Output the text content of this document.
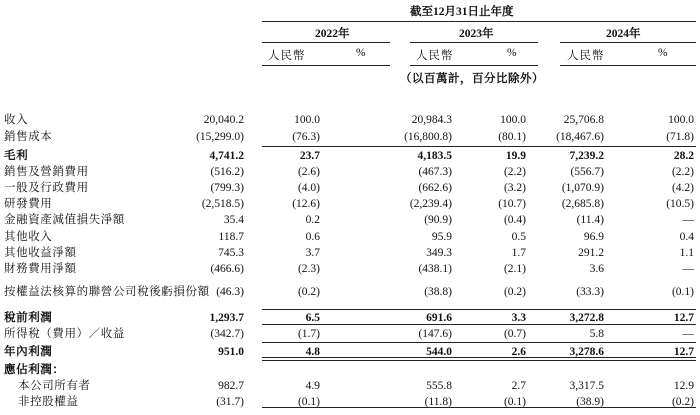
截至12月31日止年度
2022年	2023年	2024年
人民幣	%	人民幣	%	人民幣	%
（以百萬計，百分比除外）
收入	20,040.2	100.0	20,984.3	100.0	25,706.8	100.0
銷售成本	(15,299.0)	(76.3)	(16,800.8)	(80.1)	(18,467.6)	(71.8)
毛利	4,741.2	23.7	4,183.5	19.9	7,239.2	28.2
銷售及營銷費用	(516.2)	(2.6)	(467.3)	(2.2)	(556.7)	(2.2)
一般及行政費用	(799.3)	(4.0)	(662.6)	(3.2)	(1,070.9)	(4.2)
研發費用	(2,518.5)	(12.6)	(2,239.4)	(10.7)	(2,685.8)	(10.5)
金融資產減值損失淨額	35.4	0.2	(90.9)	(0.4)	(11.4)	—
其他收入	118.7	0.6	95.9	0.5	96.9	0.4
其他收益淨額	745.3	3.7	349.3	1.7	291.2	1.1
財務費用淨額	(466.6)	(2.3)	(438.1)	(2.1)	3.6	—
按權益法核算的聯營公司稅後虧損份額 (46.3)	(0.2)	(38.8)	(0.2)	(33.3)	(0.1)
稅前利潤	1,293.7	6.5	691.6	3.3	3,272.8	12.7
所得稅（費用）／收益	(342.7)	(1.7)	(147.6)	(0.7)	5.8	—
年內利潤	951.0	4.8	544.0	2.6	3,278.6	12.7
應佔利潤：
本公司所有者	982.7	4.9	555.8	2.7	3,317.5	12.9
非控股權益	(31.7)	(0.1)	(11.8)	(0.1)	(38.9)	(0.2)
